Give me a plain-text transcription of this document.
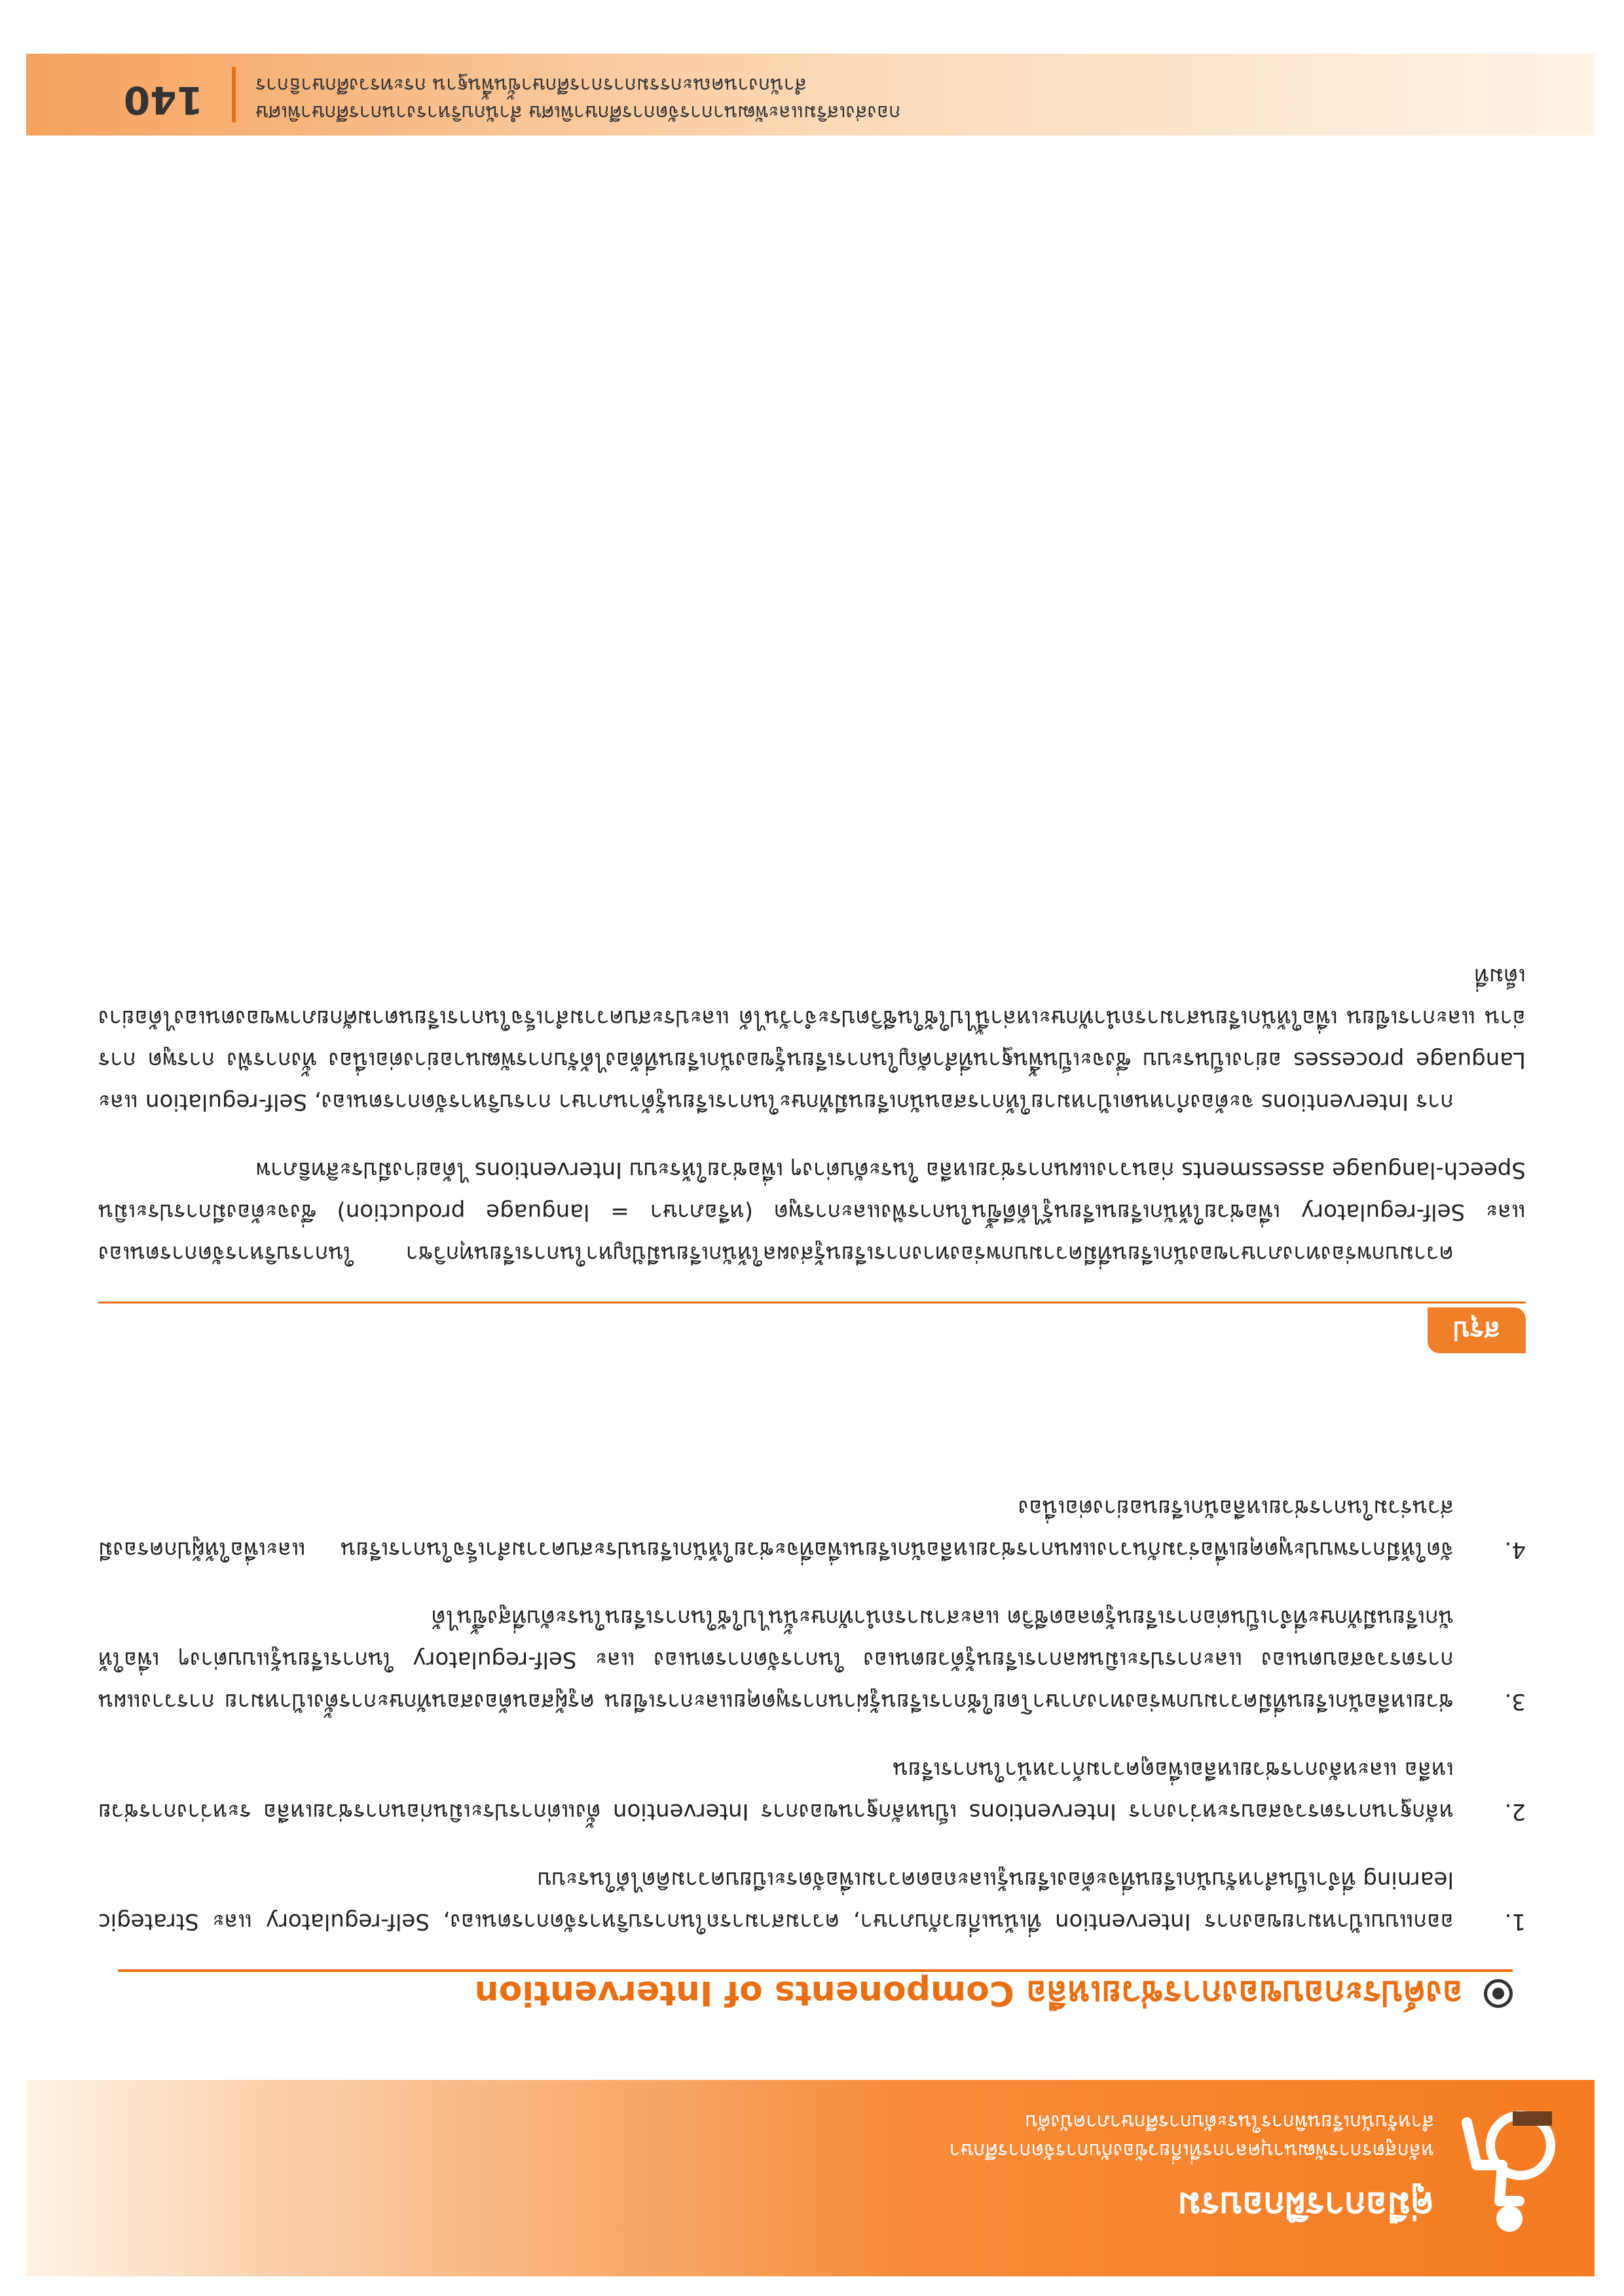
คู่มือการฝึกอบรม
หลักสูตรการพัฒนาบุคลากรที่เกี่ยวข้องกับการจัดการศึกษา
สำหรับนักเรียนพิการในระดับการศึกษาภาคบังคับ
องค์ประกอบของการช่วยเหลือ Components of Intervention
1.
ออกแบบเป้าหมายของการ Intervention ที่เน้นเกี่ยวกับภาษา, ความสามารถในการบริหารจัดการตนเอง, Self-regulatory และ Strategic learning ที่จำเป็นสำหรับนักเรียนที่จะต้องเรียนรู้และถอดความเพื่อจัดระเบียบความคิดได้ในระบบ
2.
หลักฐานการตรวจสอบระหว่างการ Interventions เป็นหลักฐานของการ Intervention ตั้งแต่การประเมินก่อนการช่วยเหลือ ระหว่างการช่วยเหลือ และหลังการช่วยเหลือเพื่อดูความก้าวหน้าในการเรียน
3.
ช่วยเหลือนักเรียนที่มีความบกพร่องทางภาษาโดยใช้การเรียนรู้ผ่านการพูดคุยและการเขียน ครูผู้สอนต้องสอนทักษะการตั้งเป้าหมาย การวางแผน การตรวจสอบตนเอง และการประเมินผลการเรียนรู้ด้วยตนเอง ในการจัดการตนเอง และ Self-regulatory ในการเรียนรู้แบบต่างๆ เพื่อให้นักเรียนมีทักษะที่จำเป็นต่อการเรียนรู้ตลอดชีวิต และสามารถนำทักษะนั้นไปใช้ในการเรียนในระดับที่สูงขึ้นได้
4.
จัดให้มีการพบปะพูดคุยเพื่อร่วมกันวางแผนการช่วยเหลือนักเรียนเพื่อที่จะช่วยให้นักเรียนประสบความสำเร็จในการเรียน และเพื่อให้ผู้ปกครองมีส่วนร่วมในการช่วยเหลือนักเรียนอย่างต่อเนื่อง
สรุป

ความบกพร่องทางภาษาของนักเรียนที่มีความบกพร่องทางการเรียนรู้ส่งผลให้นักเรียนมีปัญหาในการเรียนทุกวิชา ในการบริหารจัดการตนเอง และ Self-regulatory เพื่อช่วยให้นักเรียนเรียนรู้ได้ดีขึ้นในการฟังและการพูด (หรือภาษา = language production) ซึ่งจะต้องมีการประเมิน Speech-language assessments ก่อนวางแผนการช่วยเหลือ ในระดับต่างๆ เพื่อช่วยให้ระบบ Interventions ได้อย่างมีประสิทธิภาพ

การ Interventions จะต้องกำหนดเป้าหมายให้การสอนนักเรียนมีทักษะในการเรียนรู้ด้านภาษา การบริหารจัดการตนเอง, Self-regulation และ Language processes อย่างเป็นระบบ ซึ่งจะเป็นพื้นฐานที่สำคัญในการเรียนรู้ของนักเรียนที่ต้องได้รับการพัฒนาอย่างต่อเนื่อง ทั้งการฟัง การพูด การอ่าน และการเขียน เพื่อให้นักเรียนสามารถนำทักษะเหล่านี้ไปใช้ในชีวิตประจำวันได้ และประสบความสำเร็จในการเรียนตามศักยภาพของตนเองได้อย่างเต็มที่

กองส่งเสริมและพัฒนาการจัดการศึกษาพิเศษ สำนักบริหารงานการศึกษาพิเศษ
สำนักงานคณะกรรมการการศึกษาขั้นพื้นฐาน กระทรวงศึกษาธิการ
140
